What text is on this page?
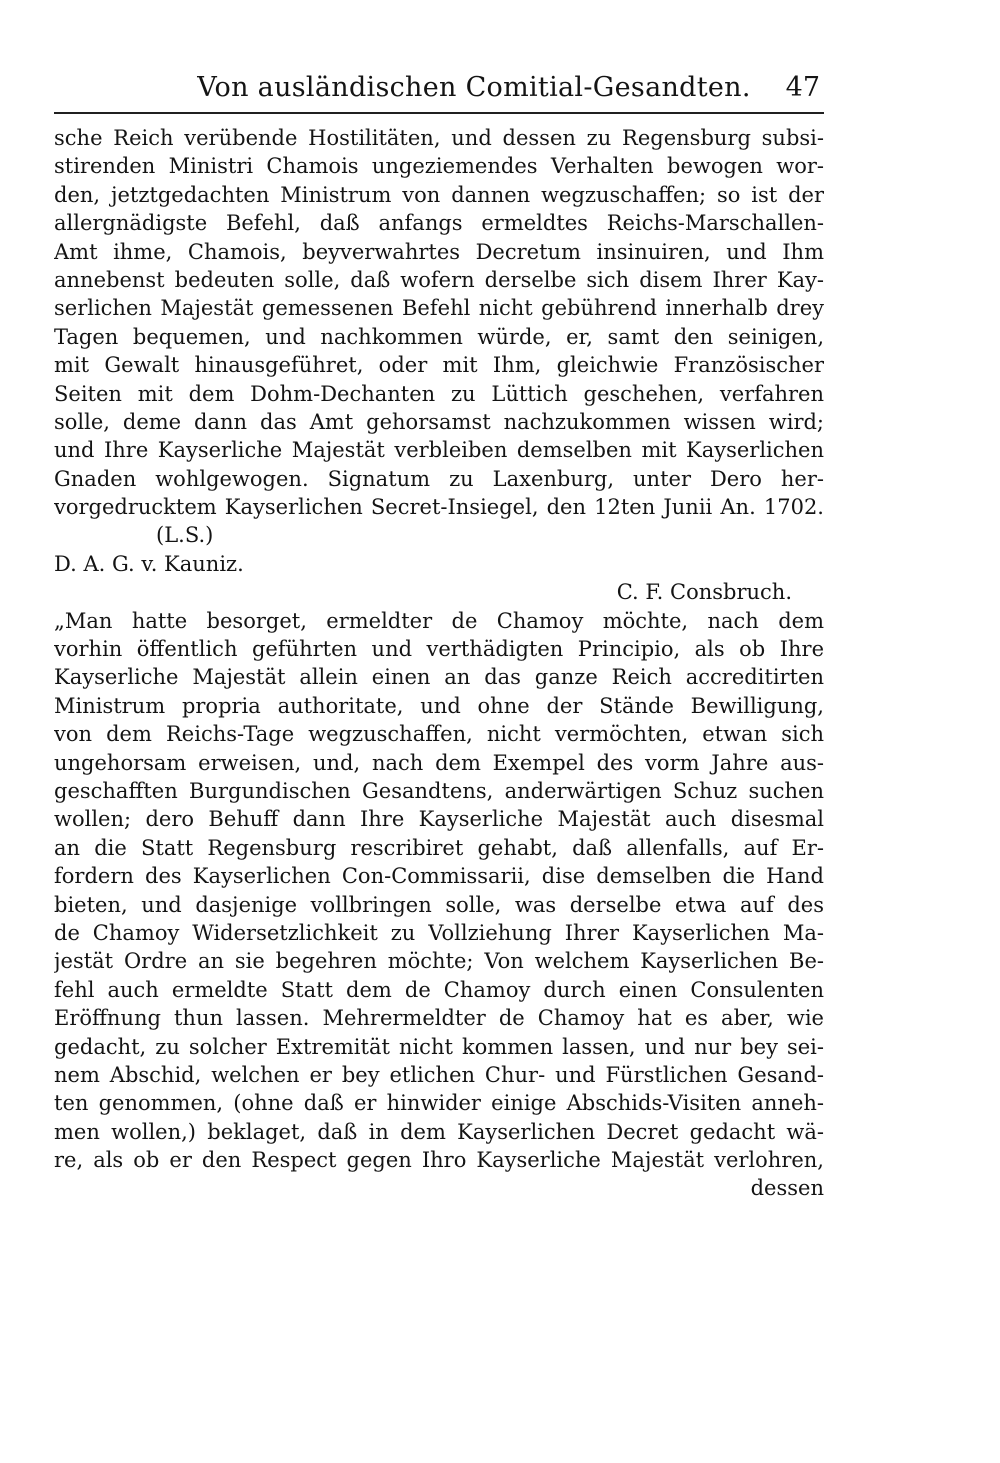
Von ausländischen Comitial-Gesandten. 47
sche Reich verübende Hostilitäten, und dessen zu Regensburg subsi-
stirenden Ministri Chamois ungeziemendes Verhalten bewogen wor-
den, jetztgedachten Ministrum von dannen wegzuschaffen; so ist der
allergnädigste Befehl, daß anfangs ermeldtes Reichs-Marschallen-
Amt ihme, Chamois, beyverwahrtes Decretum insinuiren, und Ihm
annebenst bedeuten solle, daß wofern derselbe sich disem Ihrer Kay-
serlichen Majestät gemessenen Befehl nicht gebührend innerhalb drey
Tagen bequemen, und nachkommen würde, er, samt den seinigen,
mit Gewalt hinausgeführet, oder mit Ihm, gleichwie Französischer
Seiten mit dem Dohm-Dechanten zu Lüttich geschehen, verfahren
solle, deme dann das Amt gehorsamst nachzukommen wissen wird;
und Ihre Kayserliche Majestät verbleiben demselben mit Kayserlichen
Gnaden wohlgewogen. Signatum zu Laxenburg, unter Dero her-
vorgedrucktem Kayserlichen Secret-Insiegel, den 12ten Junii An. 1702.
(L.S.)
D. A. G. v. Kauniz.
C. F. Consbruch.
„Man hatte besorget, ermeldter de Chamoy möchte, nach dem
vorhin öffentlich geführten und verthädigten Principio, als ob Ihre
Kayserliche Majestät allein einen an das ganze Reich accreditirten
Ministrum propria authoritate, und ohne der Stände Bewilligung,
von dem Reichs-Tage wegzuschaffen, nicht vermöchten, etwan sich
ungehorsam erweisen, und, nach dem Exempel des vorm Jahre aus-
geschafften Burgundischen Gesandtens, anderwärtigen Schuz suchen
wollen; dero Behuff dann Ihre Kayserliche Majestät auch disesmal
an die Statt Regensburg rescribiret gehabt, daß allenfalls, auf Er-
fordern des Kayserlichen Con-Commissarii, dise demselben die Hand
bieten, und dasjenige vollbringen solle, was derselbe etwa auf des
de Chamoy Widersetzlichkeit zu Vollziehung Ihrer Kayserlichen Ma-
jestät Ordre an sie begehren möchte; Von welchem Kayserlichen Be-
fehl auch ermeldte Statt dem de Chamoy durch einen Consulenten
Eröffnung thun lassen. Mehrermeldter de Chamoy hat es aber, wie
gedacht, zu solcher Extremität nicht kommen lassen, und nur bey sei-
nem Abschid, welchen er bey etlichen Chur- und Fürstlichen Gesand-
ten genommen, (ohne daß er hinwider einige Abschids-Visiten anneh-
men wollen,) beklaget, daß in dem Kayserlichen Decret gedacht wä-
re, als ob er den Respect gegen Ihro Kayserliche Majestät verlohren,
dessen
